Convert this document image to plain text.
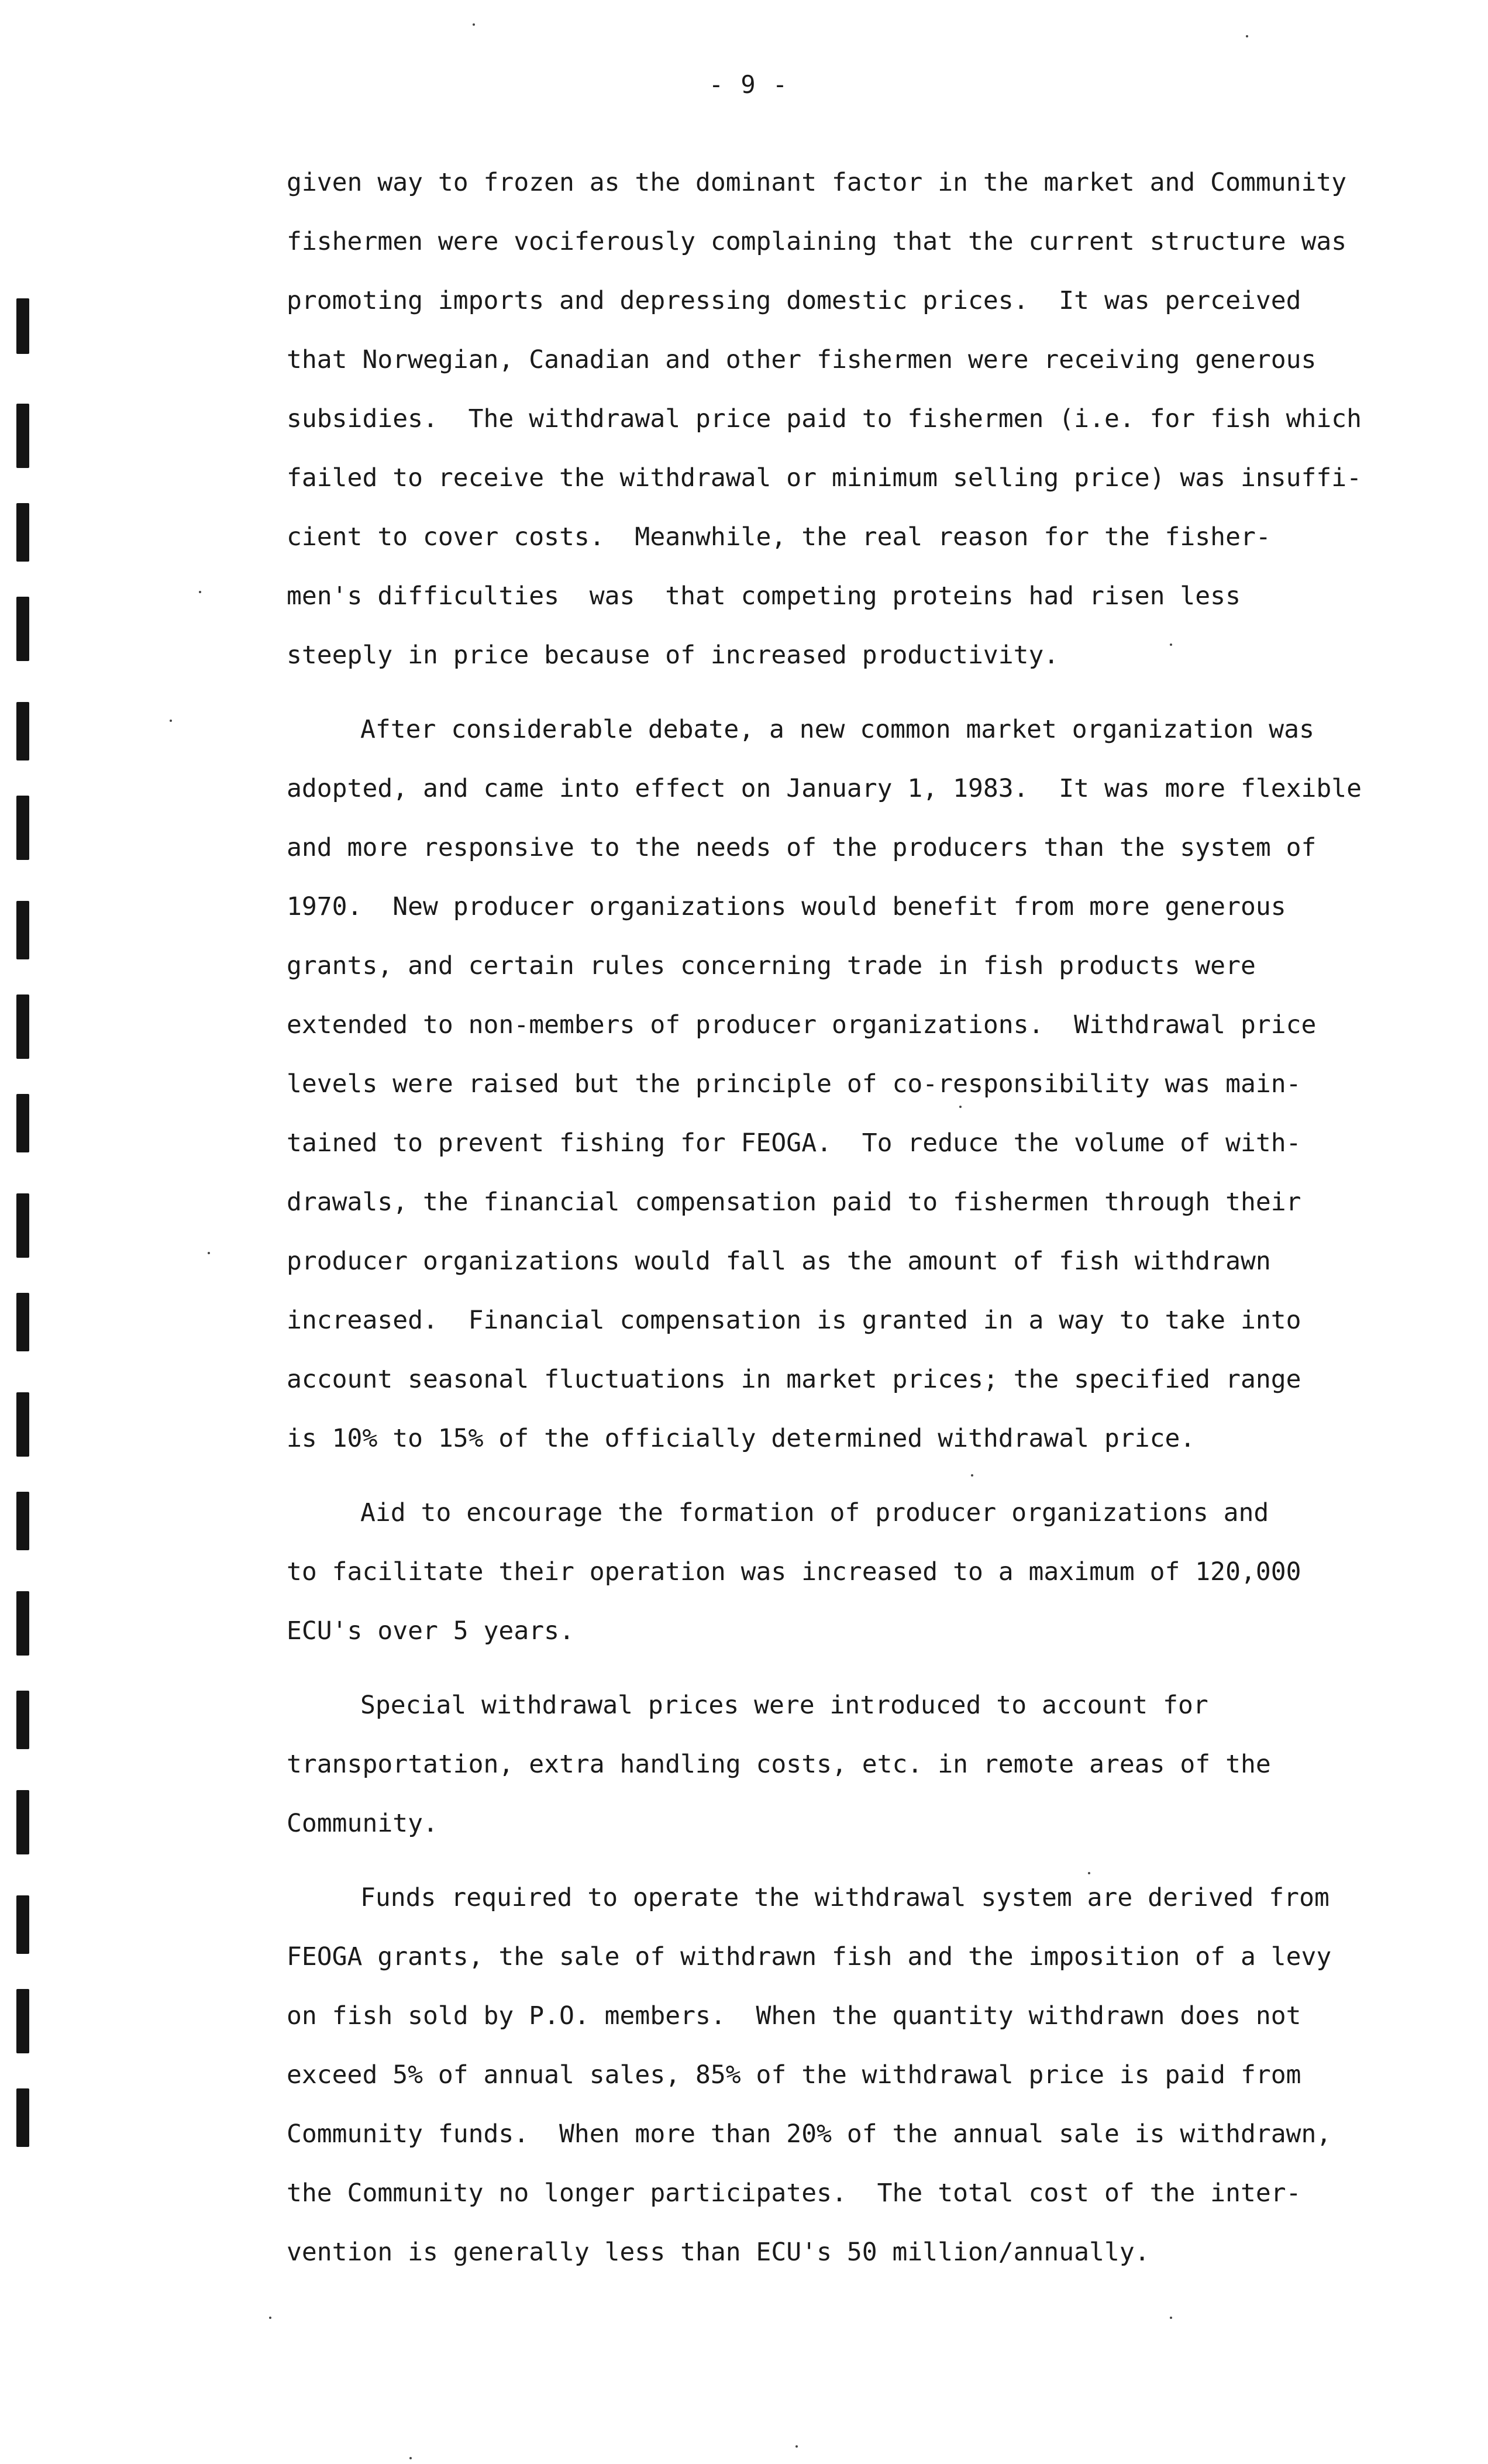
- 9 -
given way to frozen as the dominant factor in the market and Community
fishermen were vociferously complaining that the current structure was
promoting imports and depressing domestic prices.  It was perceived
that Norwegian, Canadian and other fishermen were receiving generous
subsidies.  The withdrawal price paid to fishermen (i.e. for fish which
failed to receive the withdrawal or minimum selling price) was insuffi-
cient to cover costs.  Meanwhile, the real reason for the fisher-
men's difficulties  was  that competing proteins had risen less
steeply in price because of increased productivity.
After considerable debate, a new common market organization was
adopted, and came into effect on January 1, 1983.  It was more flexible
and more responsive to the needs of the producers than the system of
1970.  New producer organizations would benefit from more generous
grants, and certain rules concerning trade in fish products were
extended to non-members of producer organizations.  Withdrawal price
levels were raised but the principle of co-responsibility was main-
tained to prevent fishing for FEOGA.  To reduce the volume of with-
drawals, the financial compensation paid to fishermen through their
producer organizations would fall as the amount of fish withdrawn
increased.  Financial compensation is granted in a way to take into
account seasonal fluctuations in market prices; the specified range
is 10% to 15% of the officially determined withdrawal price.
Aid to encourage the formation of producer organizations and
to facilitate their operation was increased to a maximum of 120,000
ECU's over 5 years.
Special withdrawal prices were introduced to account for
transportation, extra handling costs, etc. in remote areas of the
Community.
Funds required to operate the withdrawal system are derived from
FEOGA grants, the sale of withdrawn fish and the imposition of a levy
on fish sold by P.O. members.  When the quantity withdrawn does not
exceed 5% of annual sales, 85% of the withdrawal price is paid from
Community funds.  When more than 20% of the annual sale is withdrawn,
the Community no longer participates.  The total cost of the inter-
vention is generally less than ECU's 50 million/annually.
